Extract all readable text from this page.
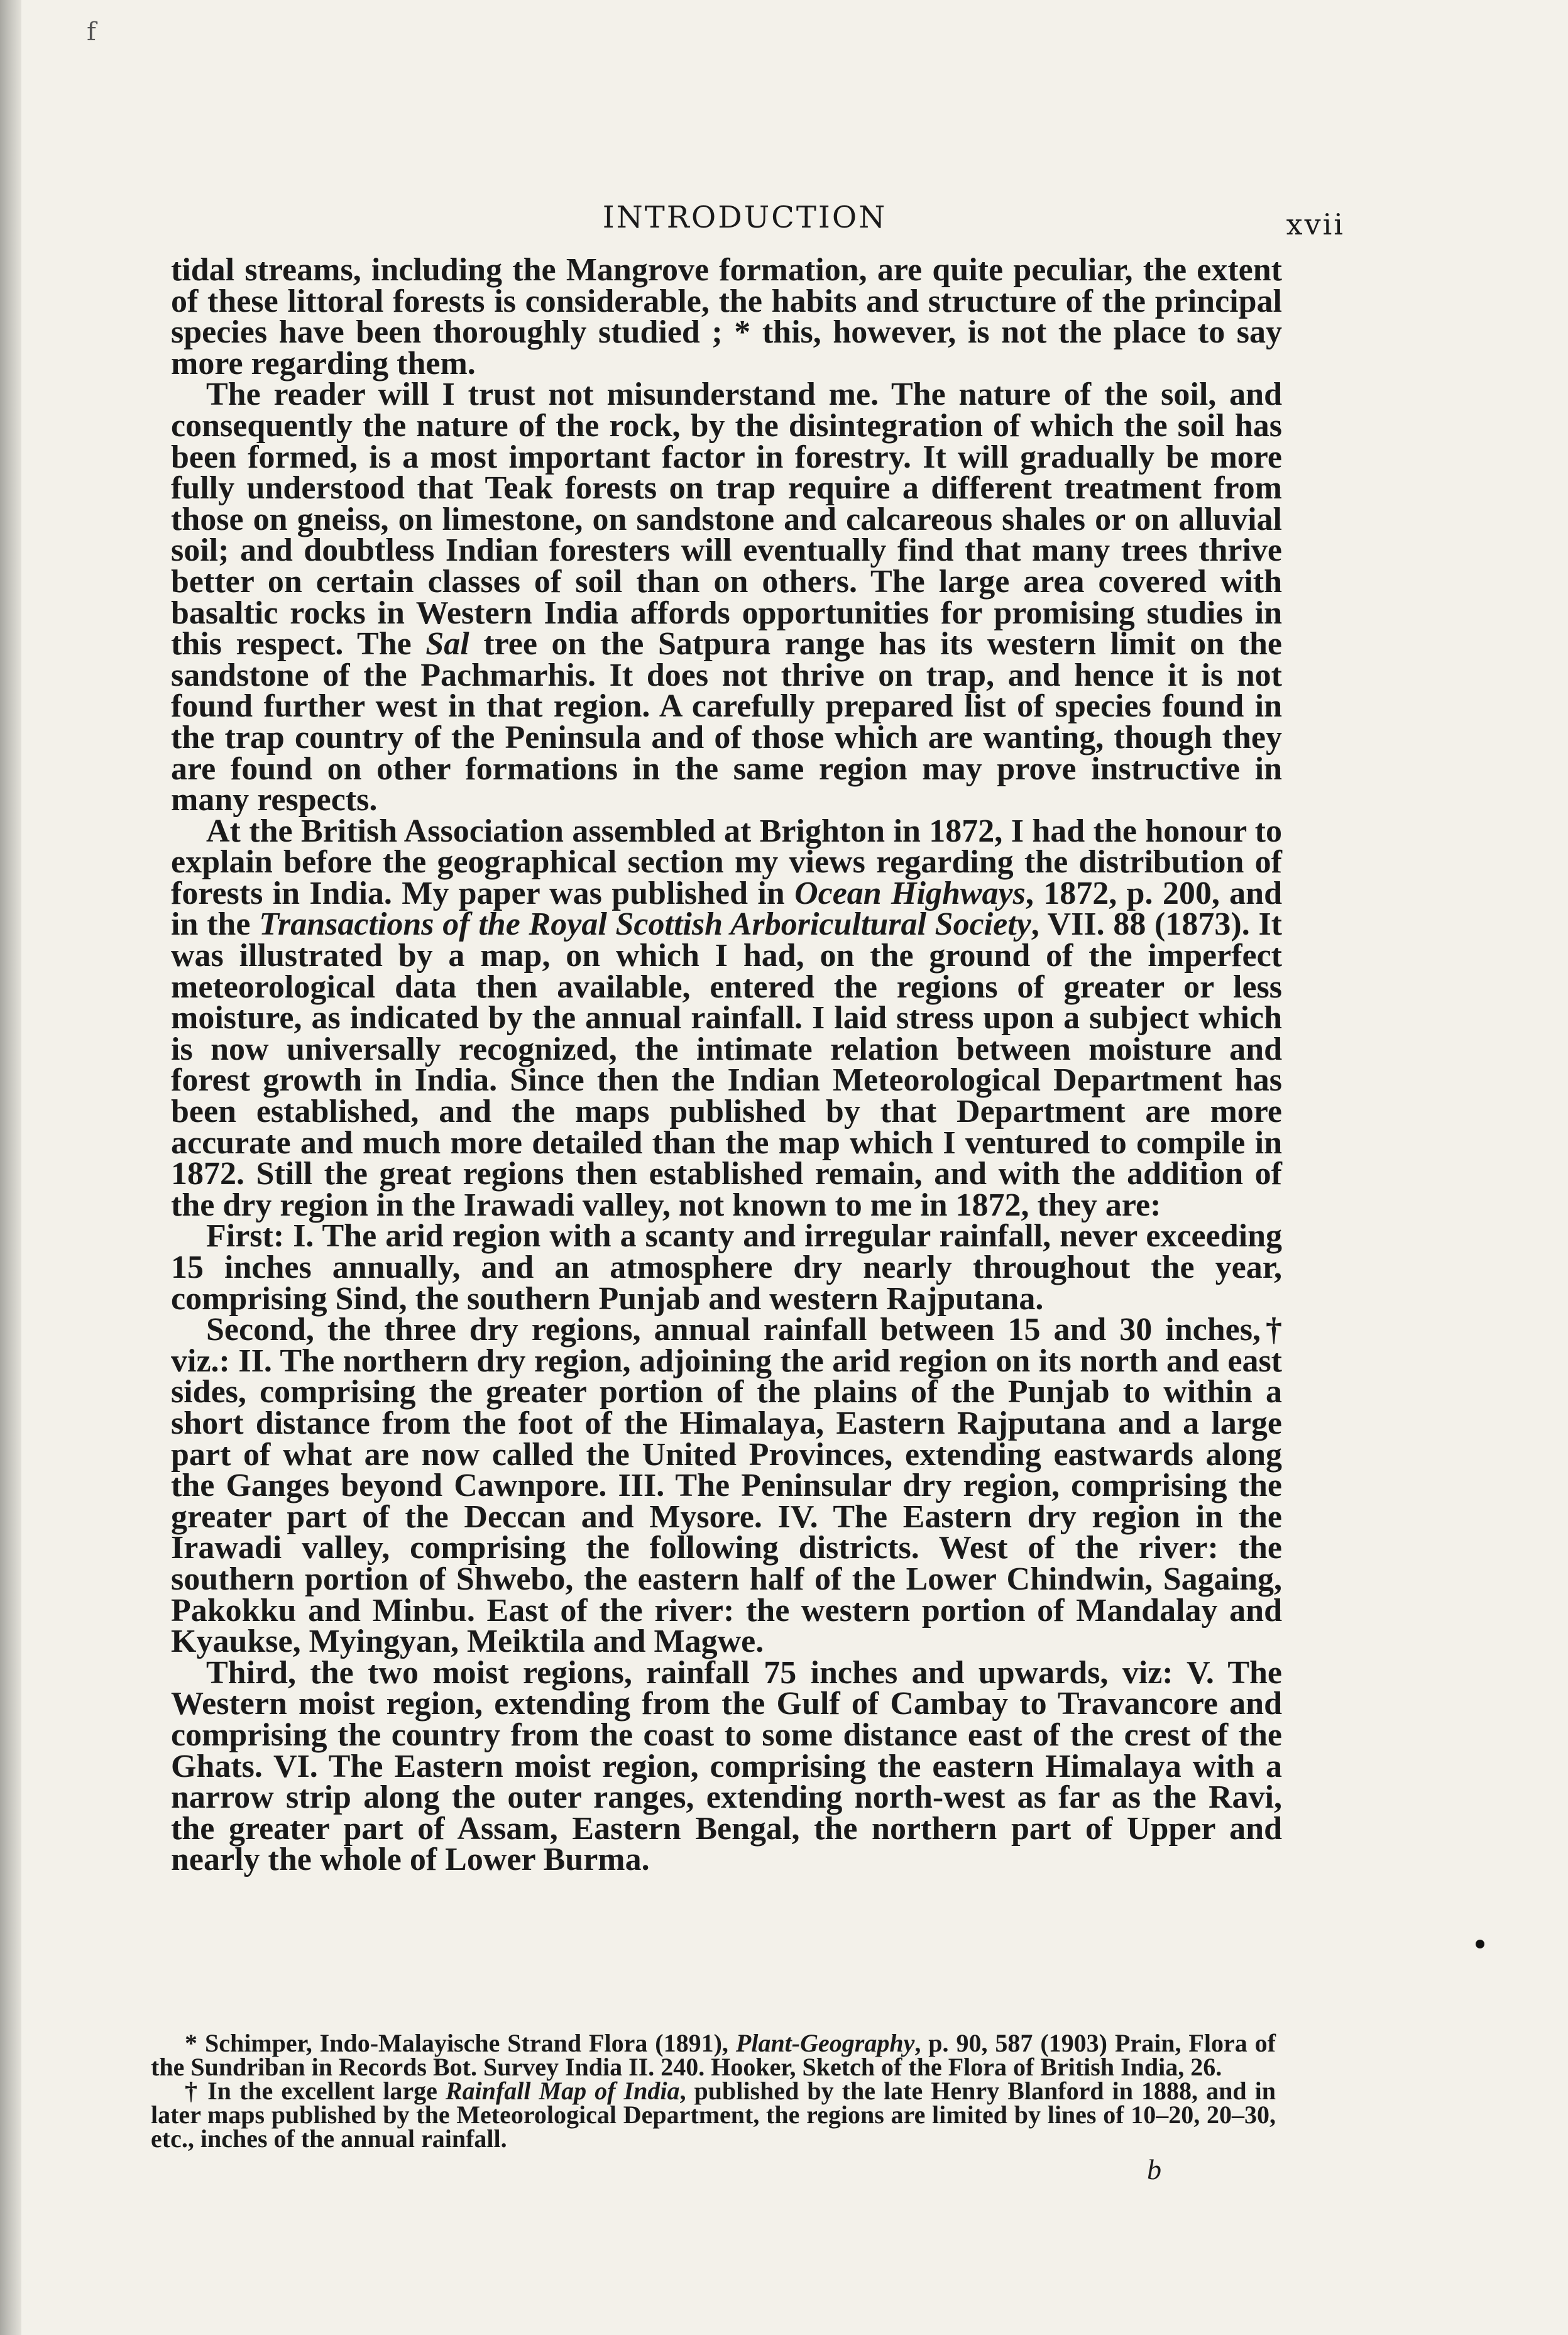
f
INTRODUCTION	xvii

tidal streams, including the Mangrove formation, are quite peculiar, the extent of these littoral forests is considerable, the habits and structure of the principal species have been thoroughly studied ; * this, however, is not the place to say more regarding them.

The reader will I trust not misunderstand me. The nature of the soil, and consequently the nature of the rock, by the disintegration of which the soil has been formed, is a most important factor in forestry. It will gradually be more fully understood that Teak forests on trap require a different treatment from those on gneiss, on limestone, on sandstone and calcareous shales or on alluvial soil; and doubtless Indian foresters will eventually find that many trees thrive better on certain classes of soil than on others. The large area covered with basaltic rocks in Western India affords opportunities for promising studies in this respect. The Sal tree on the Satpura range has its western limit on the sandstone of the Pachmarhis. It does not thrive on trap, and hence it is not found further west in that region. A carefully prepared list of species found in the trap country of the Peninsula and of those which are wanting, though they are found on other formations in the same region may prove instructive in many respects.

At the British Association assembled at Brighton in 1872, I had the honour to explain before the geographical section my views regarding the distribution of forests in India. My paper was published in Ocean Highways, 1872, p. 200, and in the Transactions of the Royal Scottish Arboricultural Society, VII. 88 (1873). It was illustrated by a map, on which I had, on the ground of the imperfect meteorological data then available, entered the regions of greater or less moisture, as indicated by the annual rainfall. I laid stress upon a subject which is now universally recognized, the intimate relation between moisture and forest growth in India. Since then the Indian Meteorological Department has been established, and the maps published by that Department are more accurate and much more detailed than the map which I ventured to compile in 1872. Still the great regions then established remain, and with the addition of the dry region in the Irawadi valley, not known to me in 1872, they are:

First: I. The arid region with a scanty and irregular rainfall, never exceeding 15 inches annually, and an atmosphere dry nearly throughout the year, comprising Sind, the southern Punjab and western Rajputana.

Second, the three dry regions, annual rainfall between 15 and 30 inches,† viz.: II. The northern dry region, adjoining the arid region on its north and east sides, comprising the greater portion of the plains of the Punjab to within a short distance from the foot of the Himalaya, Eastern Rajputana and a large part of what are now called the United Provinces, extending eastwards along the Ganges beyond Cawnpore. III. The Peninsular dry region, comprising the greater part of the Deccan and Mysore. IV. The Eastern dry region in the Irawadi valley, comprising the following districts. West of the river: the southern portion of Shwebo, the eastern half of the Lower Chindwin, Sagaing, Pakokku and Minbu. East of the river: the western portion of Mandalay and Kyaukse, Myingyan, Meiktila and Magwe.

Third, the two moist regions, rainfall 75 inches and upwards, viz: V. The Western moist region, extending from the Gulf of Cambay to Travancore and comprising the country from the coast to some distance east of the crest of the Ghats. VI. The Eastern moist region, comprising the eastern Himalaya with a narrow strip along the outer ranges, extending north-west as far as the Ravi, the greater part of Assam, Eastern Bengal, the northern part of Upper and nearly the whole of Lower Burma.

* Schimper, Indo-Malayische Strand Flora (1891), Plant-Geography, p. 90, 587 (1903) Prain, Flora of the Sundriban in Records Bot. Survey India II. 240. Hooker, Sketch of the Flora of British India, 26.

† In the excellent large Rainfall Map of India, published by the late Henry Blanford in 1888, and in later maps published by the Meteorological Department, the regions are limited by lines of 10–20, 20–30, etc., inches of the annual rainfall.

b
